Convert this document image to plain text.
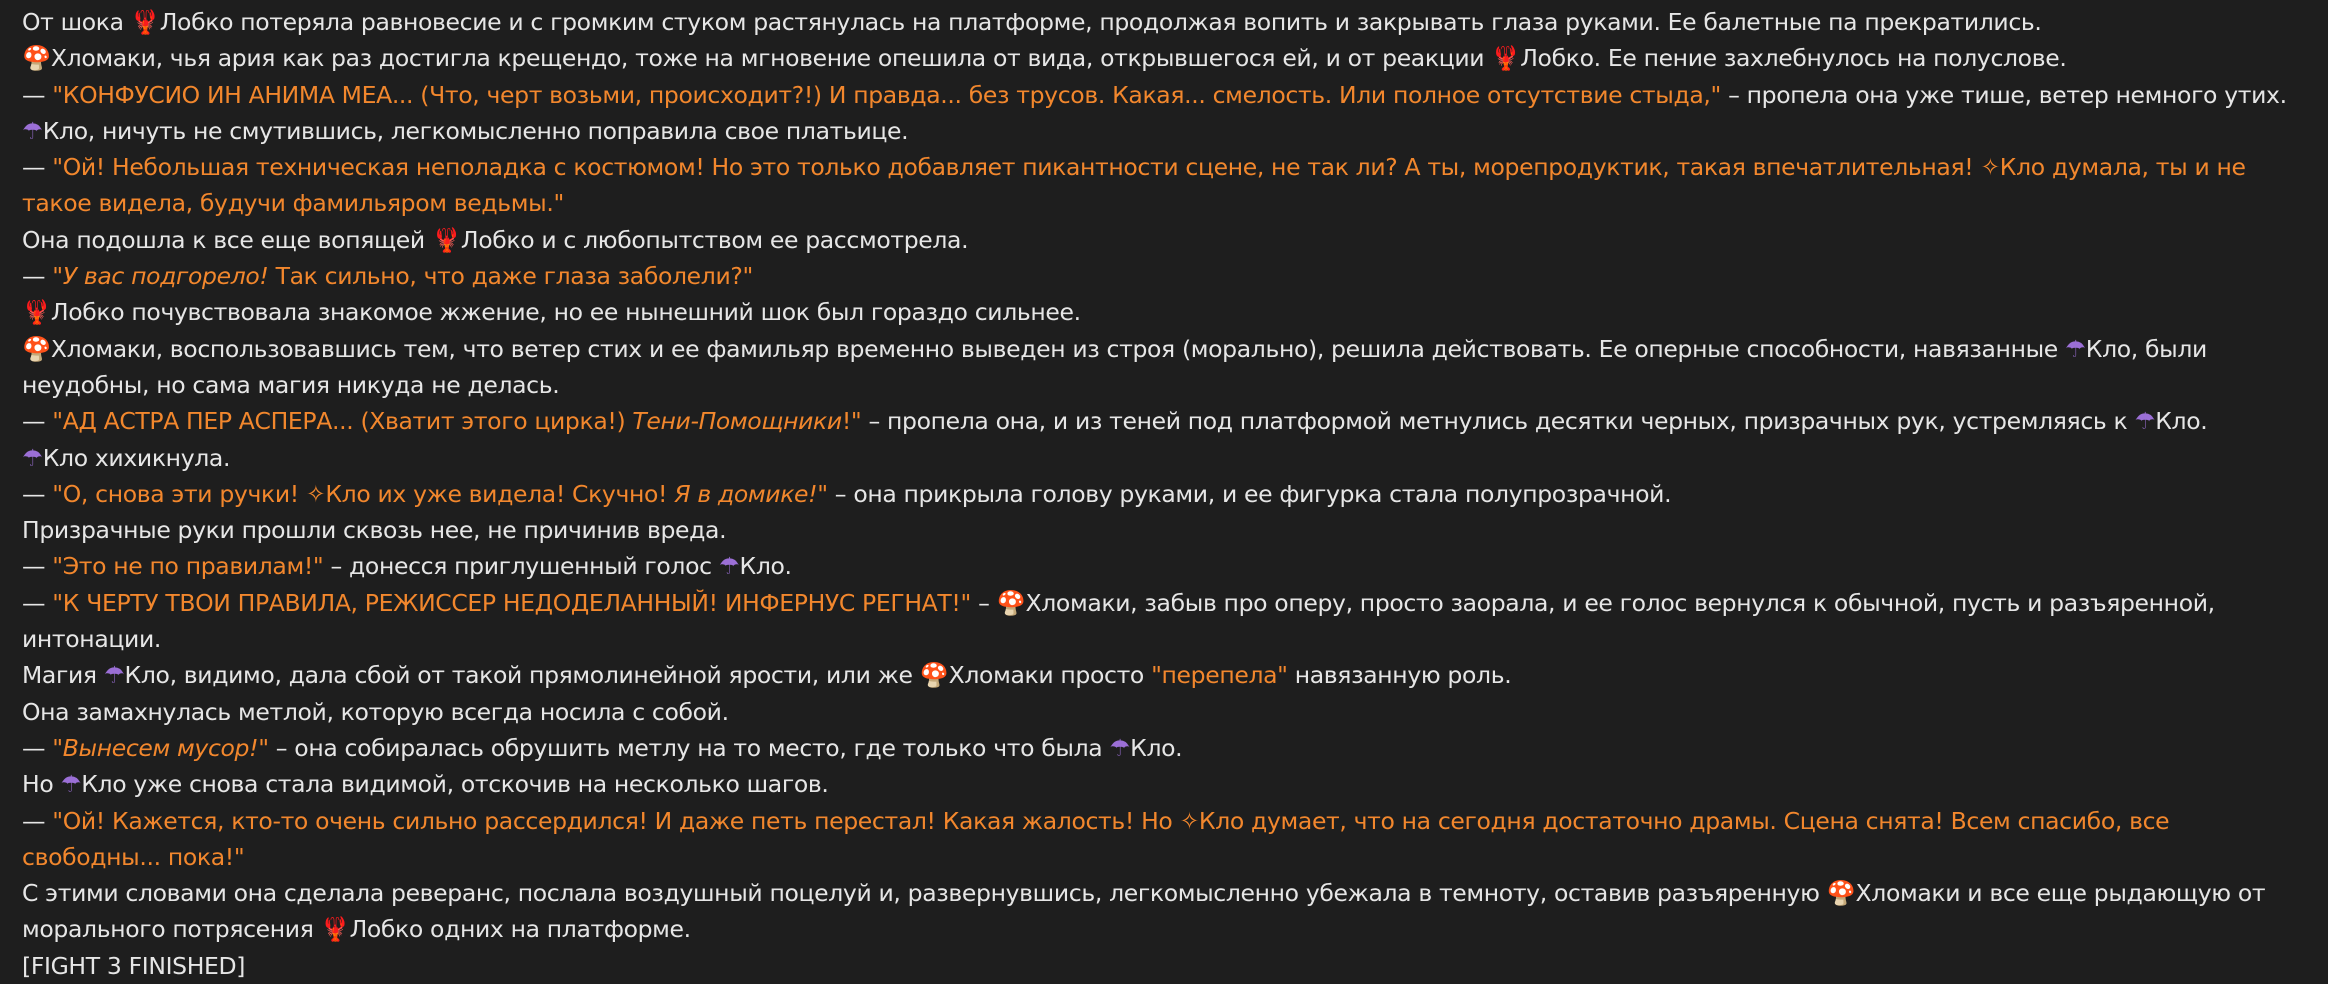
От шока 🦞Лобко потеряла равновесие и с громким стуком растянулась на платформе, продолжая вопить и закрывать глаза руками. Ее балетные па прекратились.
🍄Хломаки, чья ария как раз достигла крещендо, тоже на мгновение опешила от вида, открывшегося ей, и от реакции 🦞Лобко. Ее пение захлебнулось на полуслове.
— "КОНФУСИО ИН АНИМА МЕА... (Что, черт возьми, происходит?!) И правда... без трусов. Какая... смелость. Или полное отсутствие стыда," – пропела она уже тише, ветер немного утих.
☂Кло, ничуть не смутившись, легкомысленно поправила свое платьице.
— "Ой! Небольшая техническая неполадка с костюмом! Но это только добавляет пикантности сцене, не так ли? А ты, морепродуктик, такая впечатлительная! ✧Кло думала, ты и не такое видела, будучи фамильяром ведьмы."
Она подошла к все еще вопящей 🦞Лобко и с любопытством ее рассмотрела.
— "У вас подгорело! Так сильно, что даже глаза заболели?"
🦞Лобко почувствовала знакомое жжение, но ее нынешний шок был гораздо сильнее.
🍄Хломаки, воспользовавшись тем, что ветер стих и ее фамильяр временно выведен из строя (морально), решила действовать. Ее оперные способности, навязанные ☂Кло, были неудобны, но сама магия никуда не делась.
— "АД АСТРА ПЕР АСПЕРА... (Хватит этого цирка!) Тени-Помощники!" – пропела она, и из теней под платформой метнулись десятки черных, призрачных рук, устремляясь к ☂Кло.
☂Кло хихикнула.
— "О, снова эти ручки! ✧Кло их уже видела! Скучно! Я в домике!" – она прикрыла голову руками, и ее фигурка стала полупрозрачной.
Призрачные руки прошли сквозь нее, не причинив вреда.
— "Это не по правилам!" – донесся приглушенный голос ☂Кло.
— "К ЧЕРТУ ТВОИ ПРАВИЛА, РЕЖИССЕР НЕДОДЕЛАННЫЙ! ИНФЕРНУС РЕГНАТ!" – 🍄Хломаки, забыв про оперу, просто заорала, и ее голос вернулся к обычной, пусть и разъяренной, интонации.
Магия ☂Кло, видимо, дала сбой от такой прямолинейной ярости, или же 🍄Хломаки просто "перепела" навязанную роль.
Она замахнулась метлой, которую всегда носила с собой.
— "Вынесем мусор!" – она собиралась обрушить метлу на то место, где только что была ☂Кло.
Но ☂Кло уже снова стала видимой, отскочив на несколько шагов.
— "Ой! Кажется, кто-то очень сильно рассердился! И даже петь перестал! Какая жалость! Но ✧Кло думает, что на сегодня достаточно драмы. Сцена снята! Всем спасибо, все свободны... пока!"
С этими словами она сделала реверанс, послала воздушный поцелуй и, развернувшись, легкомысленно убежала в темноту, оставив разъяренную 🍄Хломаки и все еще рыдающую от морального потрясения 🦞Лобко одних на платформе.
[FIGHT 3 FINISHED]
